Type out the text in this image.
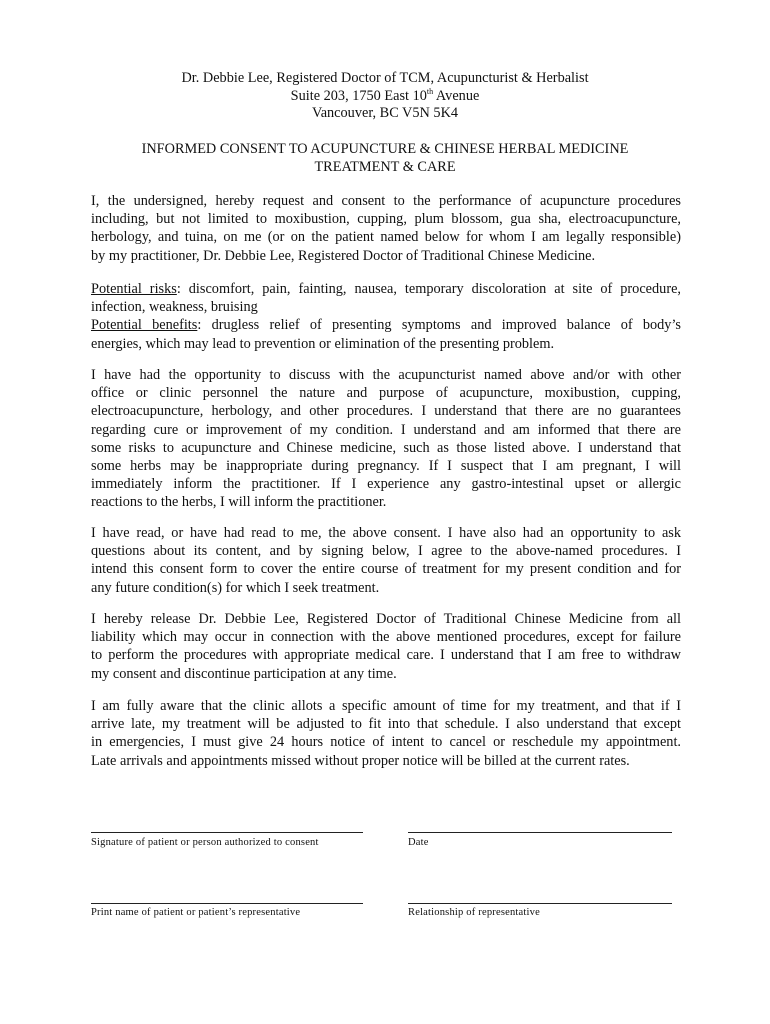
Dr. Debbie Lee, Registered Doctor of TCM, Acupuncturist & Herbalist
Suite 203, 1750 East 10th Avenue
Vancouver, BC V5N 5K4
INFORMED CONSENT TO ACUPUNCTURE & CHINESE HERBAL MEDICINE
TREATMENT & CARE
I, the undersigned, hereby request and consent to the performance of acupuncture procedures
including, but not limited to moxibustion, cupping, plum blossom, gua sha, electroacupuncture,
herbology, and tuina, on me (or on the patient named below for whom I am legally responsible)
by my practitioner, Dr. Debbie Lee, Registered Doctor of Traditional Chinese Medicine.
Potential risks: discomfort, pain, fainting, nausea, temporary discoloration at site of procedure,
infection, weakness, bruising
Potential benefits: drugless relief of presenting symptoms and improved balance of body’s
energies, which may lead to prevention or elimination of the presenting problem.
I have had the opportunity to discuss with the acupuncturist named above and/or with other
office or clinic personnel the nature and purpose of acupuncture, moxibustion, cupping,
electroacupuncture, herbology, and other procedures. I understand that there are no guarantees
regarding cure or improvement of my condition. I understand and am informed that there are
some risks to acupuncture and Chinese medicine, such as those listed above. I understand that
some herbs may be inappropriate during pregnancy. If I suspect that I am pregnant, I will
immediately inform the practitioner. If I experience any gastro-intestinal upset or allergic
reactions to the herbs, I will inform the practitioner.
I have read, or have had read to me, the above consent. I have also had an opportunity to ask
questions about its content, and by signing below, I agree to the above-named procedures. I
intend this consent form to cover the entire course of treatment for my present condition and for
any future condition(s) for which I seek treatment.
I hereby release Dr. Debbie Lee, Registered Doctor of Traditional Chinese Medicine from all
liability which may occur in connection with the above mentioned procedures, except for failure
to perform the procedures with appropriate medical care. I understand that I am free to withdraw
my consent and discontinue participation at any time.
I am fully aware that the clinic allots a specific amount of time for my treatment, and that if I
arrive late, my treatment will be adjusted to fit into that schedule. I also understand that except
in emergencies, I must give 24 hours notice of intent to cancel or reschedule my appointment.
Late arrivals and appointments missed without proper notice will be billed at the current rates.
Signature of patient or person authorized to consent	Date
Print name of patient or patient’s representative	Relationship of representative
